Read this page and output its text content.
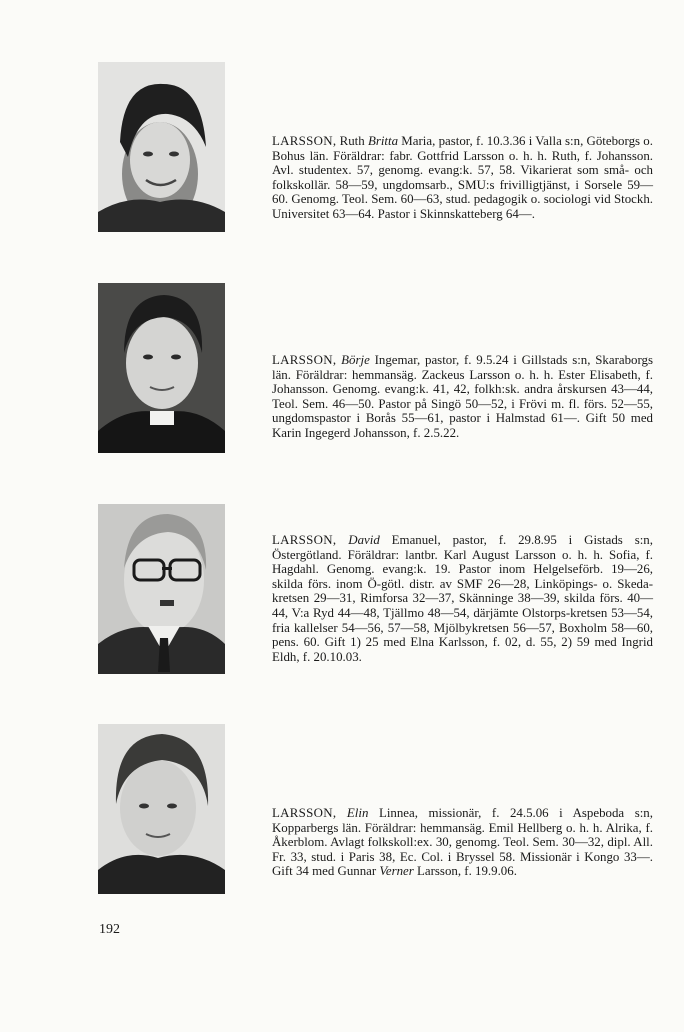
LARSSON, Ruth Britta Maria, pastor, f. 10.3.36 i Valla s:n, Göteborgs o. Bohus län. Föräldrar: fabr. Gottfrid Larsson o. h. h. Ruth, f. Johansson. Avl. studentex. 57, genomg. evang:k. 57, 58. Vikarierat som små- och folkskollär. 58—59, ungdomsarb., SMU:s frivilligtjänst, i Sorsele 59—60. Genomg. Teol. Sem. 60—63, stud. pedagogik o. sociologi vid Stockh. Universitet 63—64. Pastor i Skinnskatteberg 64—.

LARSSON, Börje Ingemar, pastor, f. 9.5.24 i Gillstads s:n, Skaraborgs län. Föräldrar: hemmansäg. Zackeus Larsson o. h. h. Ester Elisabeth, f. Johansson. Genomg. evang:k. 41, 42, folkh:sk. andra årskursen 43—44, Teol. Sem. 46—50. Pastor på Singö 50—52, i Frövi m. fl. förs. 52—55, ungdomspastor i Borås 55—61, pastor i Halmstad 61—. Gift 50 med Karin Ingegerd Johansson, f. 2.5.22.

LARSSON, David Emanuel, pastor, f. 29.8.95 i Gistads s:n, Östergötland. Föräldrar: lantbr. Karl August Larsson o. h. h. Sofia, f. Hagdahl. Genomg. evang:k. 19. Pastor inom Helgelseförb. 19—26, skilda förs. inom Ö-götl. distr. av SMF 26—28, Linköpings- o. Skeda-kretsen 29—31, Rimforsa 32—37, Skänninge 38—39, skilda förs. 40—44, V:a Ryd 44—48, Tjällmo 48—54, därjämte Olstorps-kretsen 53—54, fria kallelser 54—56, 57—58, Mjölbykretsen 56—57, Boxholm 58—60, pens. 60. Gift 1) 25 med Elna Karlsson, f. 02, d. 55, 2) 59 med Ingrid Eldh, f. 20.10.03.

LARSSON, Elin Linnea, missionär, f. 24.5.06 i Aspeboda s:n, Kopparbergs län. Föräldrar: hemmansäg. Emil Hellberg o. h. h. Alrika, f. Åkerblom. Avlagt folkskoll:ex. 30, genomg. Teol. Sem. 30—32, dipl. All. Fr. 33, stud. i Paris 38, Ec. Col. i Bryssel 58. Missionär i Kongo 33—. Gift 34 med Gunnar Verner Larsson, f. 19.9.06.

192
